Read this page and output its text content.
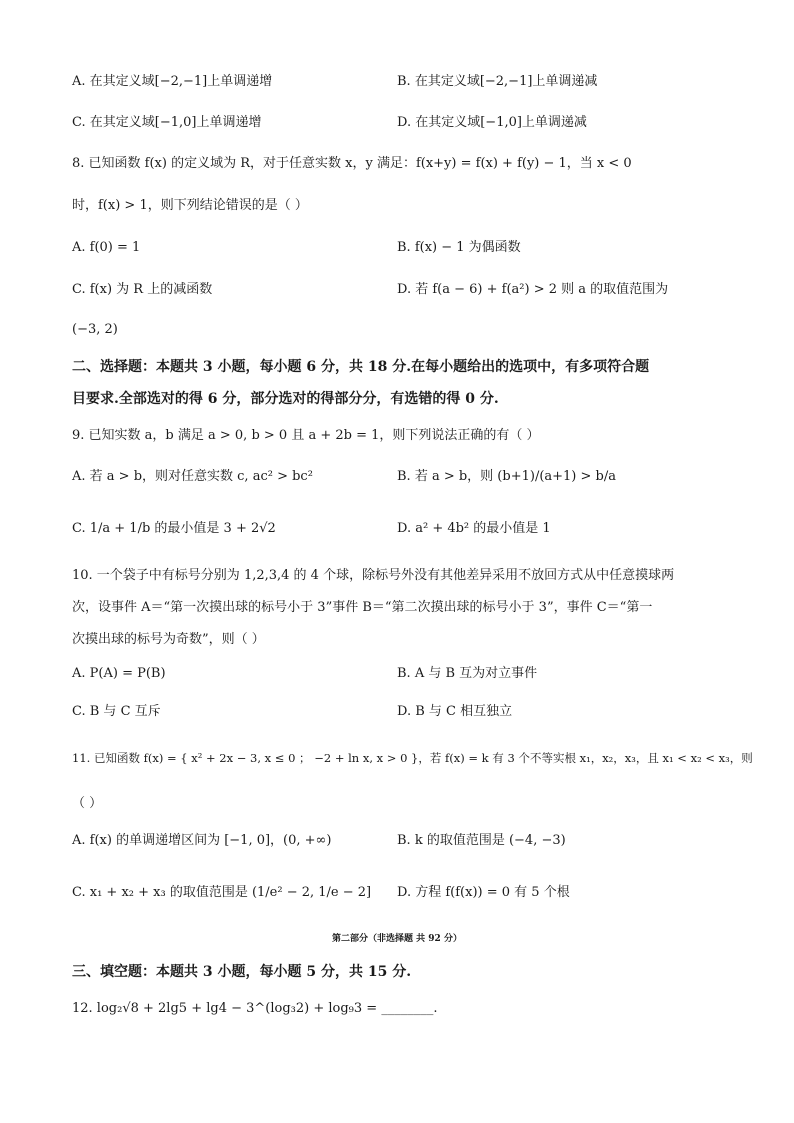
A. 在其定义域[−2,−1]上单调递增	B. 在其定义域[−2,−1]上单调递减
C. 在其定义域[−1,0]上单调递增	D. 在其定义域[−1,0]上单调递减
8. 已知函数 f(x) 的定义域为 R，对于任意实数 x，y 满足：f(x+y) = f(x) + f(y) − 1，当 x < 0
时，f(x) > 1，则下列结论错误的是（ ）
A. f(0) = 1	B. f(x) − 1 为偶函数
C. f(x) 为 R 上的减函数	D. 若 f(a − 6) + f(a²) > 2 则 a 的取值范围为
(−3, 2)
二、选择题：本题共 3 小题，每小题 6 分，共 18 分.在每小题给出的选项中，有多项符合题
目要求.全部选对的得 6 分，部分选对的得部分分，有选错的得 0 分.
9. 已知实数 a，b 满足 a > 0, b > 0 且 a + 2b = 1，则下列说法正确的有（ ）
A. 若 a > b，则对任意实数 c, ac² > bc²	B. 若 a > b，则 (b+1)/(a+1) > b/a
C. 1/a + 1/b 的最小值是 3 + 2√2	D. a² + 4b² 的最小值是 1
10. 一个袋子中有标号分别为 1,2,3,4 的 4 个球，除标号外没有其他差异采用不放回方式从中任意摸球两
次，设事件 A＝“第一次摸出球的标号小于 3”事件 B＝“第二次摸出球的标号小于 3”，事件 C＝“第一
次摸出球的标号为奇数”，则（ ）
A. P(A) = P(B)	B. A 与 B 互为对立事件
C. B 与 C 互斥	D. B 与 C 相互独立
11. 已知函数 f(x) = { x² + 2x − 3, x ≤ 0 ； −2 + ln x, x > 0 }，若 f(x) = k 有 3 个不等实根 x₁，x₂，x₃，且 x₁ < x₂ < x₃，则
（ ）
A. f(x) 的单调递增区间为 [−1, 0]，(0, +∞)	B. k 的取值范围是 (−4, −3)
C. x₁ + x₂ + x₃ 的取值范围是 (1/e² − 2, 1/e − 2] D. 方程 f(f(x)) = 0 有 5 个根
第二部分（非选择题 共 92 分）
三、填空题：本题共 3 小题，每小题 5 分，共 15 分.
12. log₂√8 + 2lg5 + lg4 − 3^(log₃2) + log₉3 = ________.
